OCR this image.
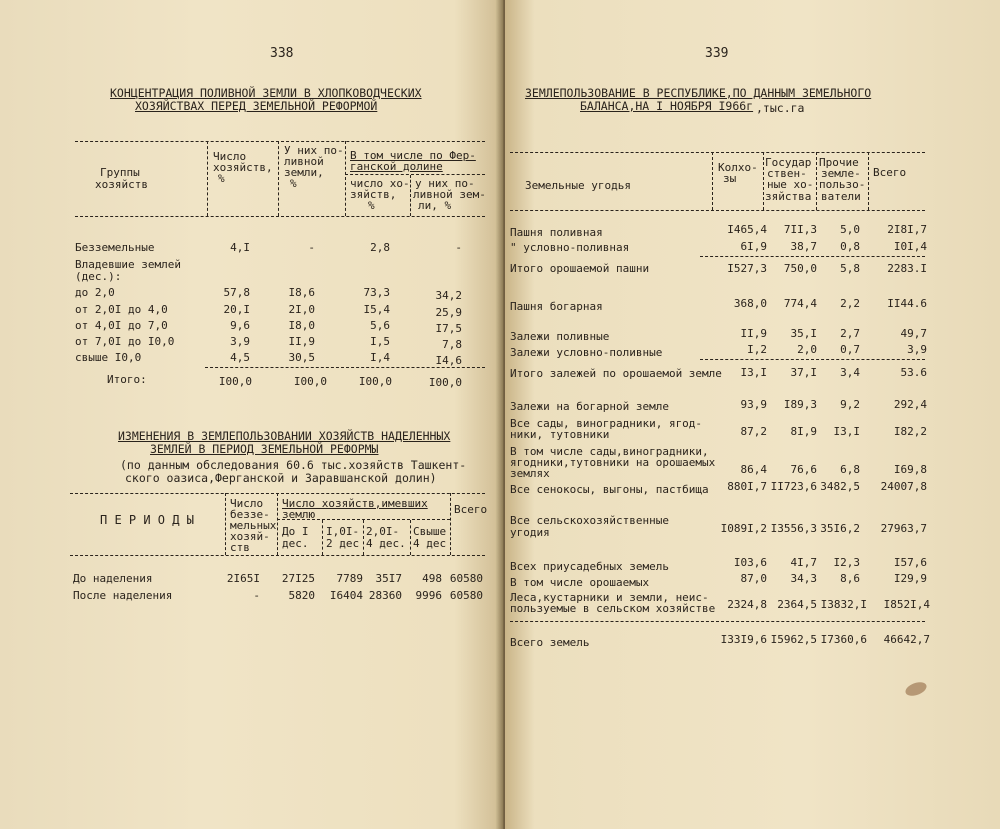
338
КОНЦЕНТРАЦИЯ ПОЛИВНОЙ ЗЕМЛИ В ХЛОПКОВОДЧЕСКИХ
ХОЗЯЙСТВАХ ПЕРЕД ЗЕМЕЛЬНОЙ РЕФОРМОЙ
Группы
хозяйств
Число
хозяйств,
%
У них по-
ливной
земли,
%
В том числе по Фер-
ганской долине
число хо-
зяйств,
%
у них по-
ливной зем-
ли, %
Безземельные	4,I	-	2,8	-
Владевшие землей
(дес.):
до 2,0	57,8	I8,6	73,3	34,2
от 2,0I до 4,0	20,I	2I,0	I5,4	25,9
от 4,0I до 7,0	9,6	I8,0	5,6	I7,5
от 7,0I до I0,0	3,9	II,9	I,5	7,8
свыше I0,0	4,5	30,5	I,4	I4,6
Итого:	I00,0	I00,0	I00,0	I00,0
ИЗМЕНЕНИЯ В ЗЕМЛЕПОЛЬЗОВАНИИ ХОЗЯЙСТВ НАДЕЛЕННЫХ
ЗЕМЛЕЙ В ПЕРИОД ЗЕМЕЛЬНОЙ РЕФОРМЫ
(по данным обследования 60.6 тыс.хозяйств Ташкент-
ского оазиса,Ферганской и Заравшанской долин)
П Е Р И О Д Ы
Число
беззе-
мельных
хозяй-
ств
Число хозяйств,имевших
землю
До I
дес.
I,0I-
2 дес
2,0I-
4 дес.
Свыше
4 дес
Всего
До наделения	2I65I	27I25	7789	35I7	498 60580
После наделения	-	5820	I6404 28360	9996 60580
339
ЗЕМЛЕПОЛЬЗОВАНИЕ В РЕСПУБЛИКЕ,ПО ДАННЫМ ЗЕМЕЛЬНОГО
БАЛАНСА,НА I НОЯБРЯ I966г ,тыс.га
Земельные угодья
Колхо-
зы
Государ
ствен-
ные хо-
зяйства
Прочие
земле-
пользо-
ватели
Всего
Пашня поливная	I465,4	7II,3	5,0	2I8I,7
" условно-поливная	6I,9	38,7	0,8	I0I,4
Итого орошаемой пашни	I527,3	750,0	5,8	2283.I
Пашня богарная	368,0	774,4	2,2	II44.6
Залежи поливные	II,9	35,I	2,7	49,7
Залежи условно-поливные	I,2	2,0	0,7	3,9
Итого залежей по орошаемой земле	I3,I	37,I	3,4	53.6
Залежи на богарной земле	93,9	I89,3	9,2	292,4
Все сады, виноградники, ягод-
ники, тутовники	87,2	8I,9	I3,I	I82,2
В том числе сады,виноградники,
ягодники,тутовники на орошаемых
землях	86,4	76,6	6,8	I69,8
Все сенокосы, выгоны, пастбища	880I,7 II723,6 3482,5	24007,8
Все сельскохозяйственные
угодия	I089I,2 I3556,3 35I6,2	27963,7
Всех приусадебных земель	I03,6	4I,7	I2,3	I57,6
В том числе орошаемых	87,0	34,3	8,6	I29,9
Леса,кустарники и земли, неис-
пользуемые в сельском хозяйстве	2324,8 2364,5 I3832,I	I852I,4
Всего земель	I33I9,6 I5962,5 I7360,6	46642,7
